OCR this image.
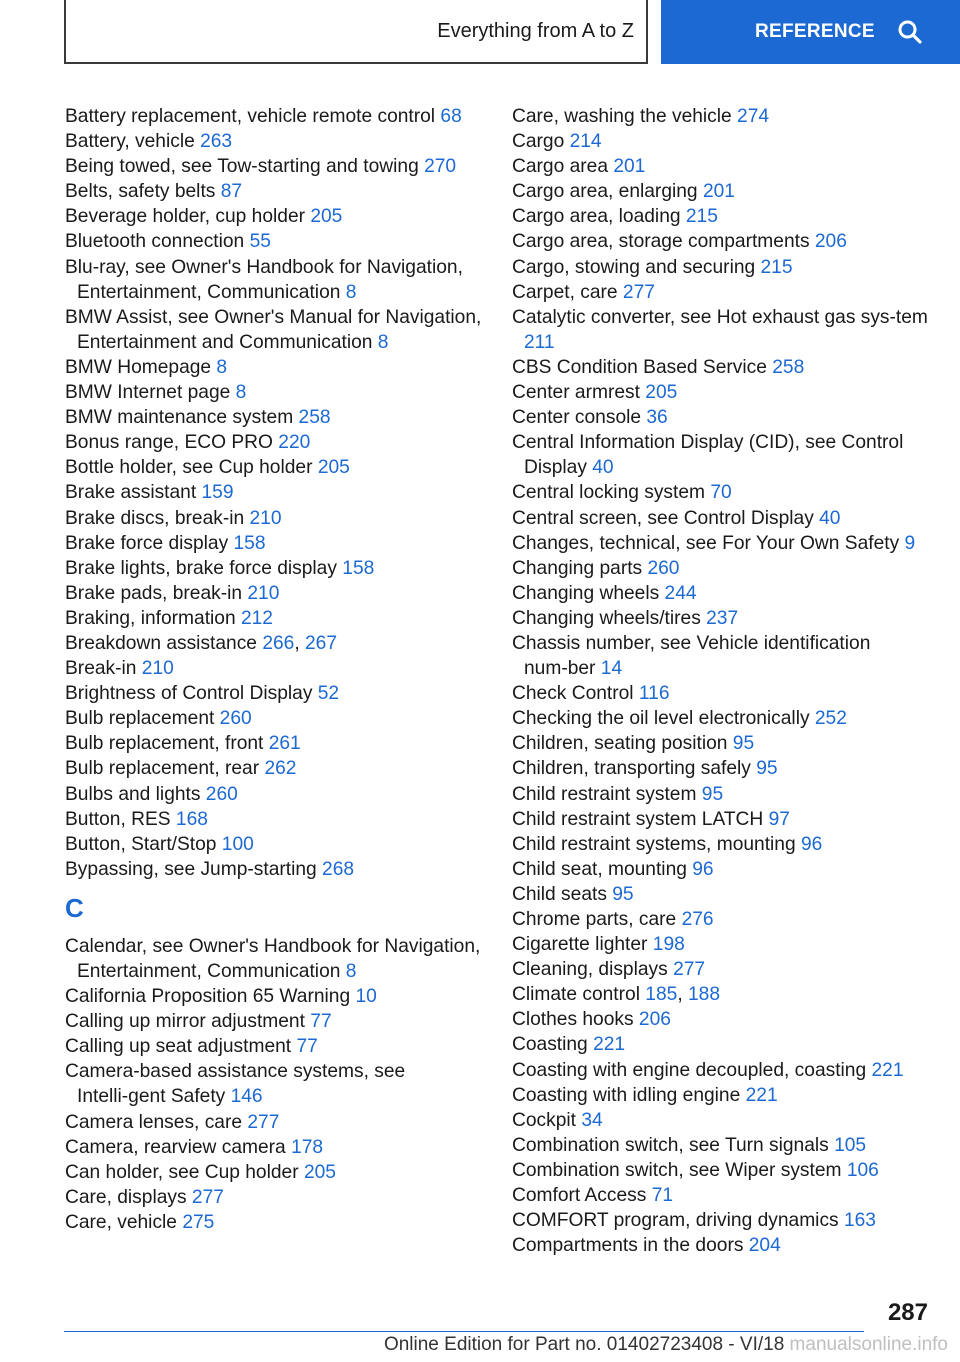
Everything from A to Z	REFERENCE
Battery replacement, vehicle remote control 68
Battery, vehicle 263
Being towed, see Tow-starting and towing 270
Belts, safety belts 87
Beverage holder, cup holder 205
Bluetooth connection 55
Blu-ray, see Owner's Handbook for Navigation, Entertainment, Communication 8
BMW Assist, see Owner's Manual for Navigation, Entertainment and Communication 8
BMW Homepage 8
BMW Internet page 8
BMW maintenance system 258
Bonus range, ECO PRO 220
Bottle holder, see Cup holder 205
Brake assistant 159
Brake discs, break-in 210
Brake force display 158
Brake lights, brake force display 158
Brake pads, break-in 210
Braking, information 212
Breakdown assistance 266, 267
Break-in 210
Brightness of Control Display 52
Bulb replacement 260
Bulb replacement, front 261
Bulb replacement, rear 262
Bulbs and lights 260
Button, RES 168
Button, Start/Stop 100
Bypassing, see Jump-starting 268
C
Calendar, see Owner's Handbook for Navigation, Entertainment, Communication 8
California Proposition 65 Warning 10
Calling up mirror adjustment 77
Calling up seat adjustment 77
Camera-based assistance systems, see Intelli‑gent Safety 146
Camera lenses, care 277
Camera, rearview camera 178
Can holder, see Cup holder 205
Care, displays 277
Care, vehicle 275
Care, washing the vehicle 274
Cargo 214
Cargo area 201
Cargo area, enlarging 201
Cargo area, loading 215
Cargo area, storage compartments 206
Cargo, stowing and securing 215
Carpet, care 277
Catalytic converter, see Hot exhaust gas sys‑tem 211
CBS Condition Based Service 258
Center armrest 205
Center console 36
Central Information Display (CID), see Control Display 40
Central locking system 70
Central screen, see Control Display 40
Changes, technical, see For Your Own Safety 9
Changing parts 260
Changing wheels 244
Changing wheels/tires 237
Chassis number, see Vehicle identification num‑ber 14
Check Control 116
Checking the oil level electronically 252
Children, seating position 95
Children, transporting safely 95
Child restraint system 95
Child restraint system LATCH 97
Child restraint systems, mounting 96
Child seat, mounting 96
Child seats 95
Chrome parts, care 276
Cigarette lighter 198
Cleaning, displays 277
Climate control 185, 188
Clothes hooks 206
Coasting 221
Coasting with engine decoupled, coasting 221
Coasting with idling engine 221
Cockpit 34
Combination switch, see Turn signals 105
Combination switch, see Wiper system 106
Comfort Access 71
COMFORT program, driving dynamics 163
Compartments in the doors 204
287
Online Edition for Part no. 01402723408 - VI/18 manualsonline.info
